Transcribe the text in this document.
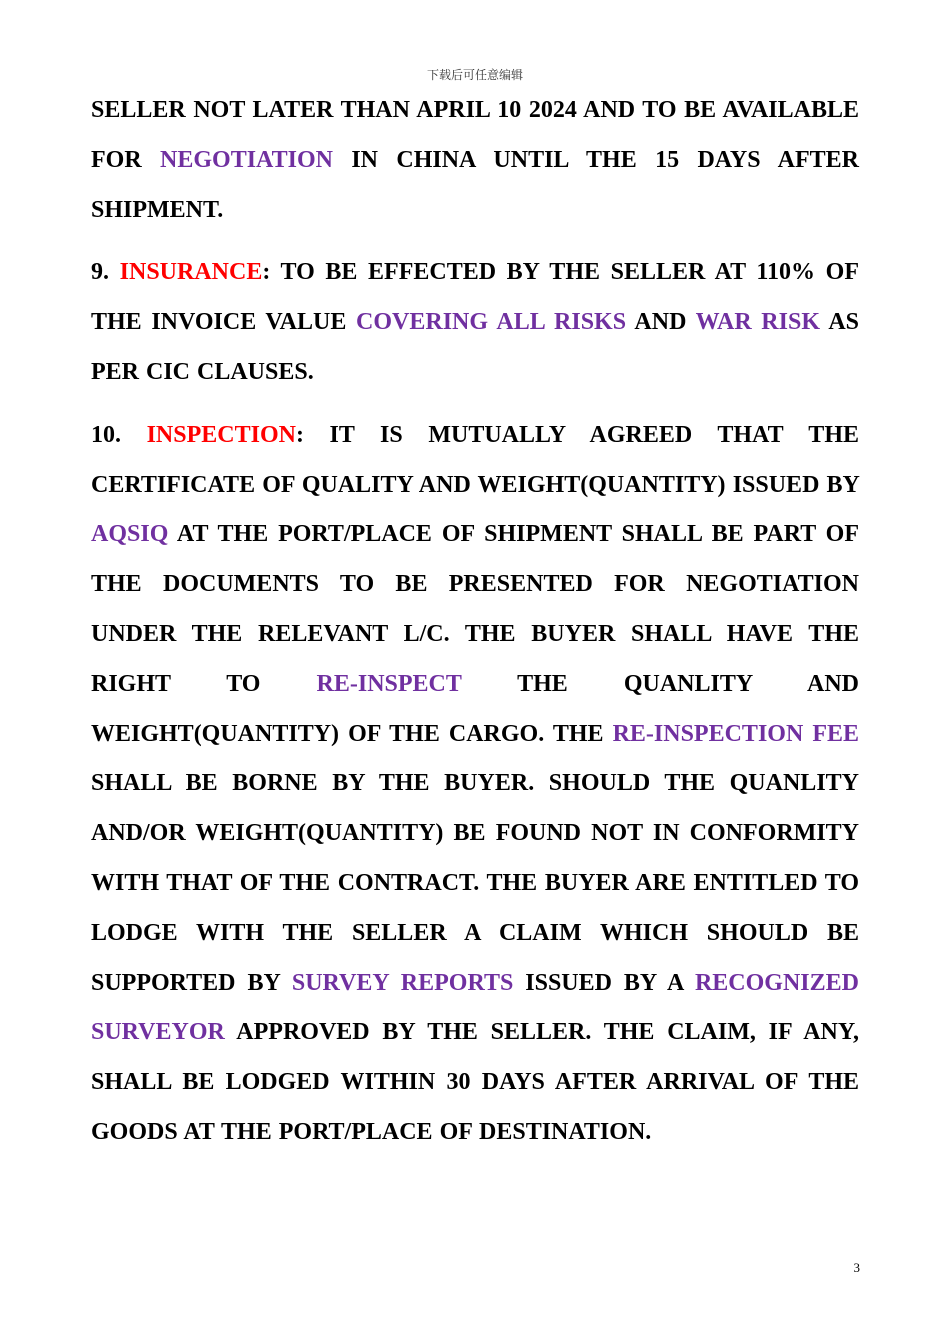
下载后可任意编辑

SELLER NOT LATER THAN APRIL 10 2024 AND TO BE AVAILABLE FOR NEGOTIATION IN CHINA UNTIL THE 15 DAYS AFTER SHIPMENT.

9. INSURANCE: TO BE EFFECTED BY THE SELLER AT 110% OF THE INVOICE VALUE COVERING ALL RISKS AND WAR RISK AS PER CIC CLAUSES.

10. INSPECTION: IT IS MUTUALLY AGREED THAT THE CERTIFICATE OF QUALITY AND WEIGHT(QUANTITY) ISSUED BY AQSIQ AT THE PORT/PLACE OF SHIPMENT SHALL BE PART OF THE DOCUMENTS TO BE PRESENTED FOR NEGOTIATION UNDER THE RELEVANT L/C. THE BUYER SHALL HAVE THE RIGHT TO RE-INSPECT THE QUANLITY AND WEIGHT(QUANTITY) OF THE CARGO. THE RE-INSPECTION FEE SHALL BE BORNE BY THE BUYER. SHOULD THE QUANLITY AND/OR WEIGHT(QUANTITY) BE FOUND NOT IN CONFORMITY WITH THAT OF THE CONTRACT. THE BUYER ARE ENTITLED TO LODGE WITH THE SELLER A CLAIM WHICH SHOULD BE SUPPORTED BY SURVEY REPORTS ISSUED BY A RECOGNIZED SURVEYOR APPROVED BY THE SELLER. THE CLAIM, IF ANY, SHALL BE LODGED WITHIN 30 DAYS AFTER ARRIVAL OF THE GOODS AT THE PORT/PLACE OF DESTINATION.

3
